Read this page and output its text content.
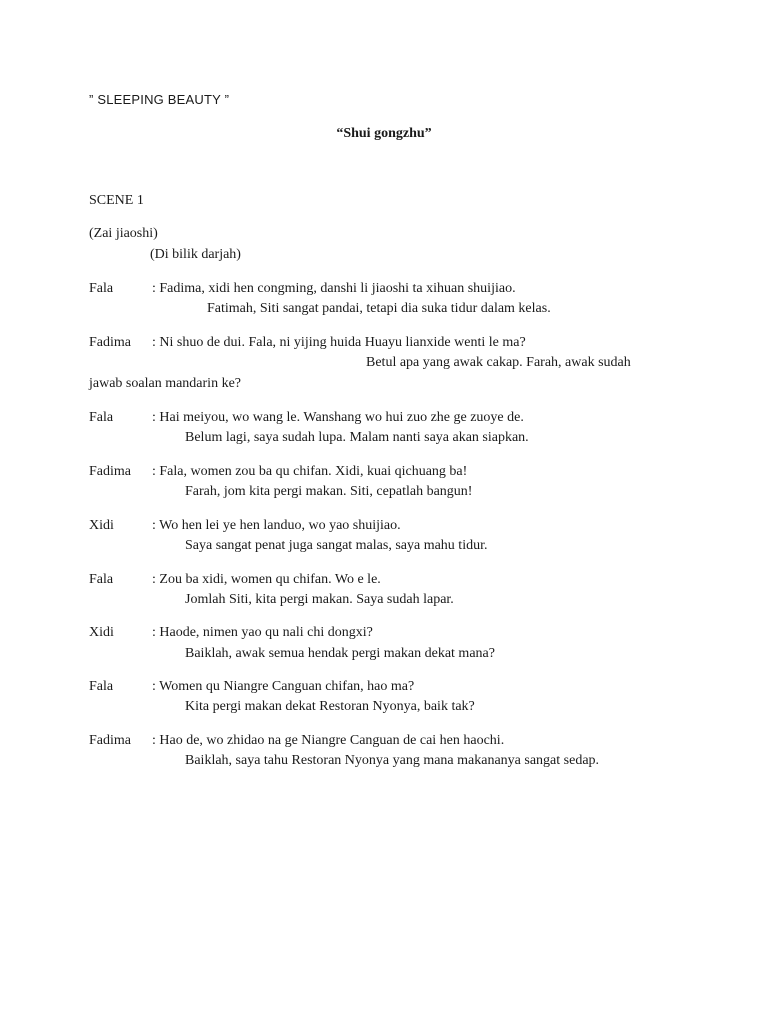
” SLEEPING BEAUTY ”
“Shui gongzhu”
SCENE 1
(Zai jiaoshi)
(Di bilik darjah)
Fala	: Fadima, xidi hen congming, danshi li jiaoshi ta xihuan shuijiao.
Fatimah, Siti sangat pandai, tetapi dia suka tidur dalam kelas.
Fadima : Ni shuo de dui. Fala, ni yijing huida Huayu lianxide wenti le ma?
Betul apa yang awak cakap. Farah, awak sudah
jawab soalan mandarin ke?
Fala	: Hai meiyou, wo wang le. Wanshang wo hui zuo zhe ge zuoye de.
Belum lagi, saya sudah lupa. Malam nanti saya akan siapkan.
Fadima : Fala, women zou ba qu chifan. Xidi, kuai qichuang ba!
Farah, jom kita pergi makan. Siti, cepatlah bangun!
Xidi	: Wo hen lei ye hen landuo, wo yao shuijiao.
Saya sangat penat juga sangat malas, saya mahu tidur.
Fala	: Zou ba xidi, women qu chifan. Wo e le.
Jomlah Siti, kita pergi makan. Saya sudah lapar.
Xidi	: Haode, nimen yao qu nali chi dongxi?
Baiklah, awak semua hendak pergi makan dekat mana?
Fala	: Women qu Niangre Canguan chifan, hao ma?
Kita pergi makan dekat Restoran Nyonya, baik tak?
Fadima : Hao de, wo zhidao na ge Niangre Canguan de cai hen haochi.
Baiklah, saya tahu Restoran Nyonya yang mana makananya sangat sedap.
